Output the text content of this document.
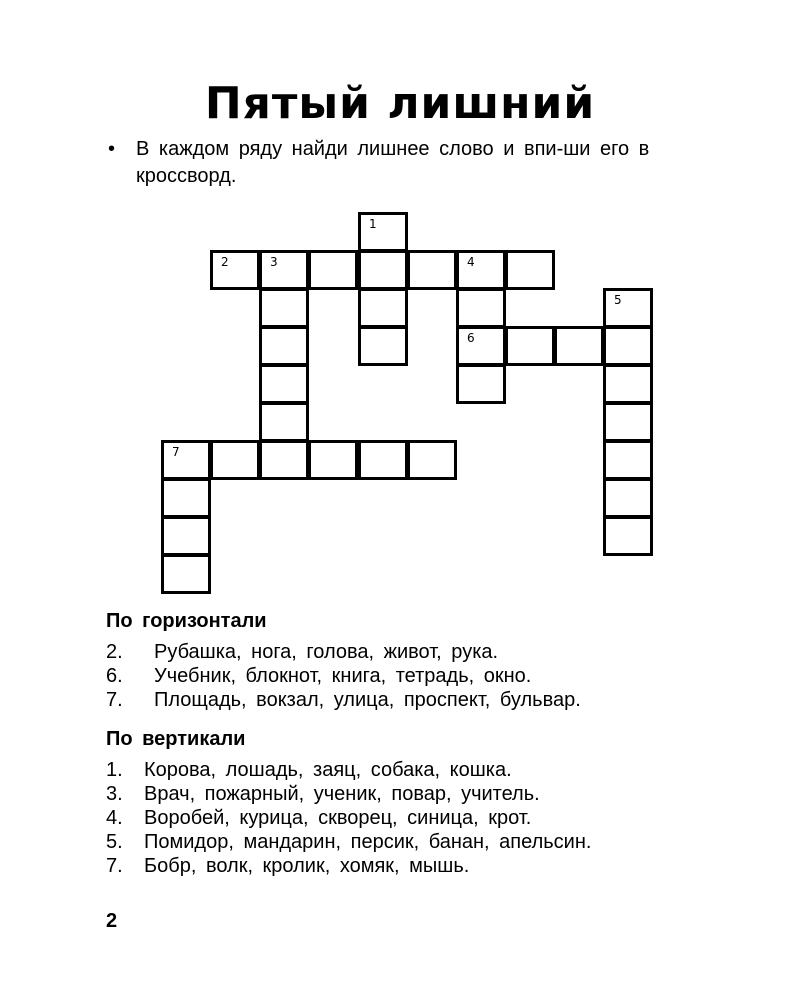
Пятый лишний
•	В каждом ряду найди лишнее слово и впи-ши его в кроссворд.
1
2	3	4
6
5
7
По горизонтали
2.	Рубашка, нога, голова, живот, рука.
6.	Учебник, блокнот, книга, тетрадь, окно.
7.	Площадь, вокзал, улица, проспект, бульвар.
По вертикали
1.	Корова, лошадь, заяц, собака, кошка.
3.	Врач, пожарный, ученик, повар, учитель.
4.	Воробей, курица, скворец, синица, крот.
5.	Помидор, мандарин, персик, банан, апельсин.
7.	Бобр, волк, кролик, хомяк, мышь.
2
